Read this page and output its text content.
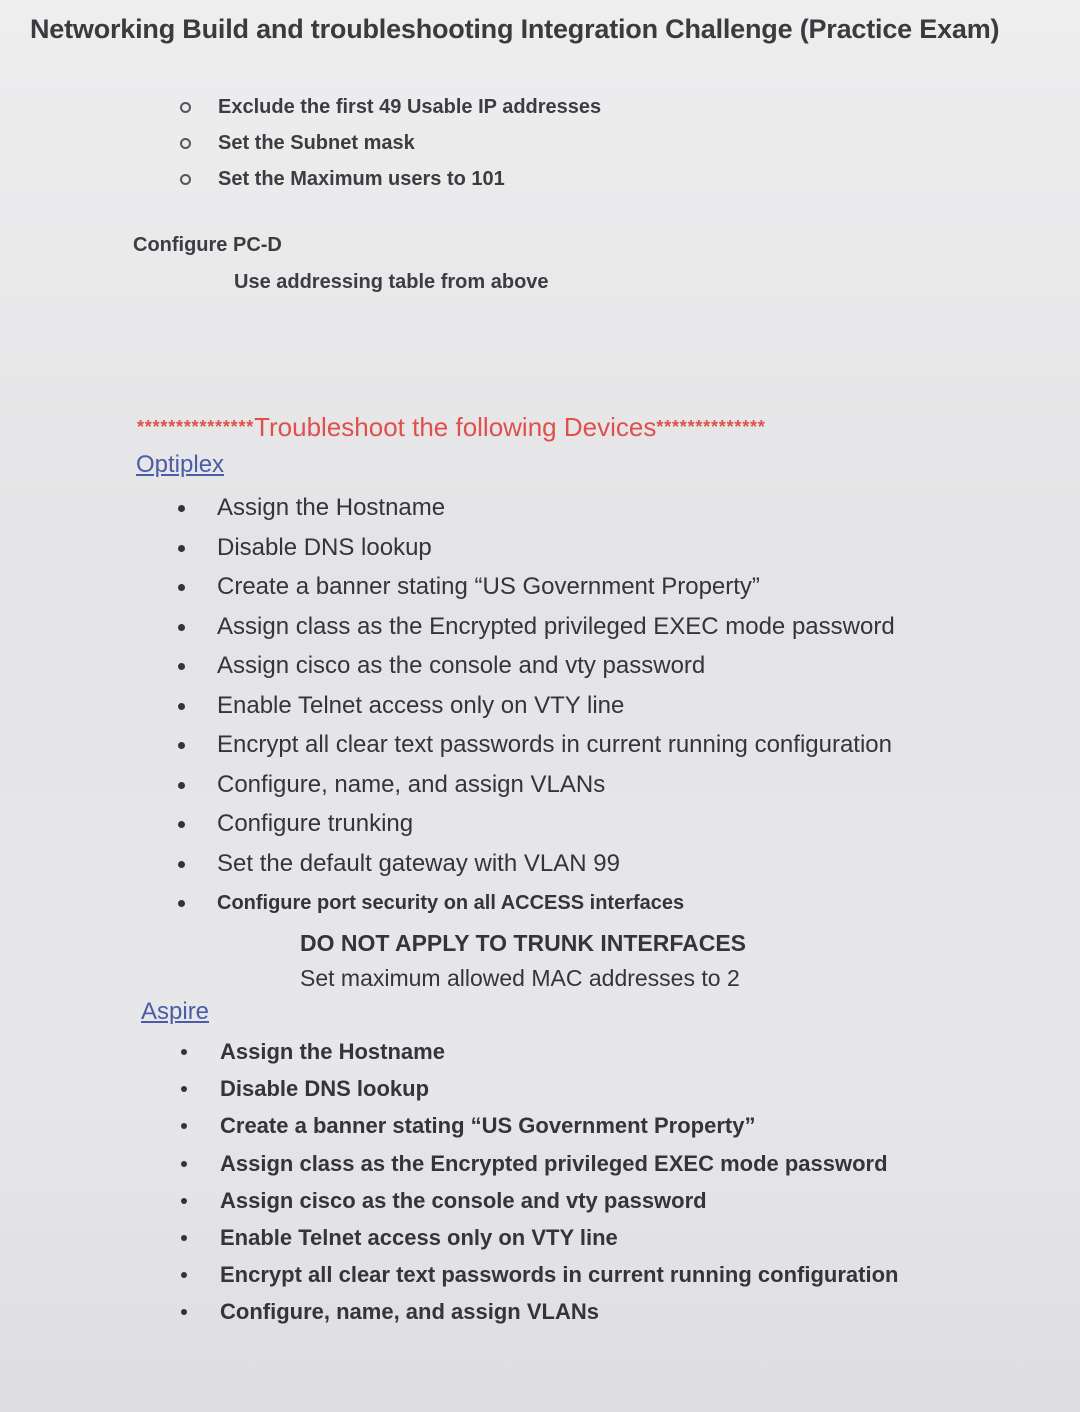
Networking Build and troubleshooting Integration Challenge (Practice Exam)
Exclude the first 49 Usable IP addresses
Set the Subnet mask
Set the Maximum users to 101
Configure PC-D
Use addressing table from above
***************Troubleshoot the following Devices**************
Optiplex
Assign the Hostname
Disable DNS lookup
Create a banner stating “US Government Property”
Assign class as the Encrypted privileged EXEC mode password
Assign cisco as the console and vty password
Enable Telnet access only on VTY line
Encrypt all clear text passwords in current running configuration
Configure, name, and assign VLANs
Configure trunking
Set the default gateway with VLAN 99
Configure port security on all ACCESS interfaces
DO NOT APPLY TO TRUNK INTERFACES
Set maximum allowed MAC addresses to 2
Aspire
Assign the Hostname
Disable DNS lookup
Create a banner stating “US Government Property”
Assign class as the Encrypted privileged EXEC mode password
Assign cisco as the console and vty password
Enable Telnet access only on VTY line
Encrypt all clear text passwords in current running configuration
Configure, name, and assign VLANs
